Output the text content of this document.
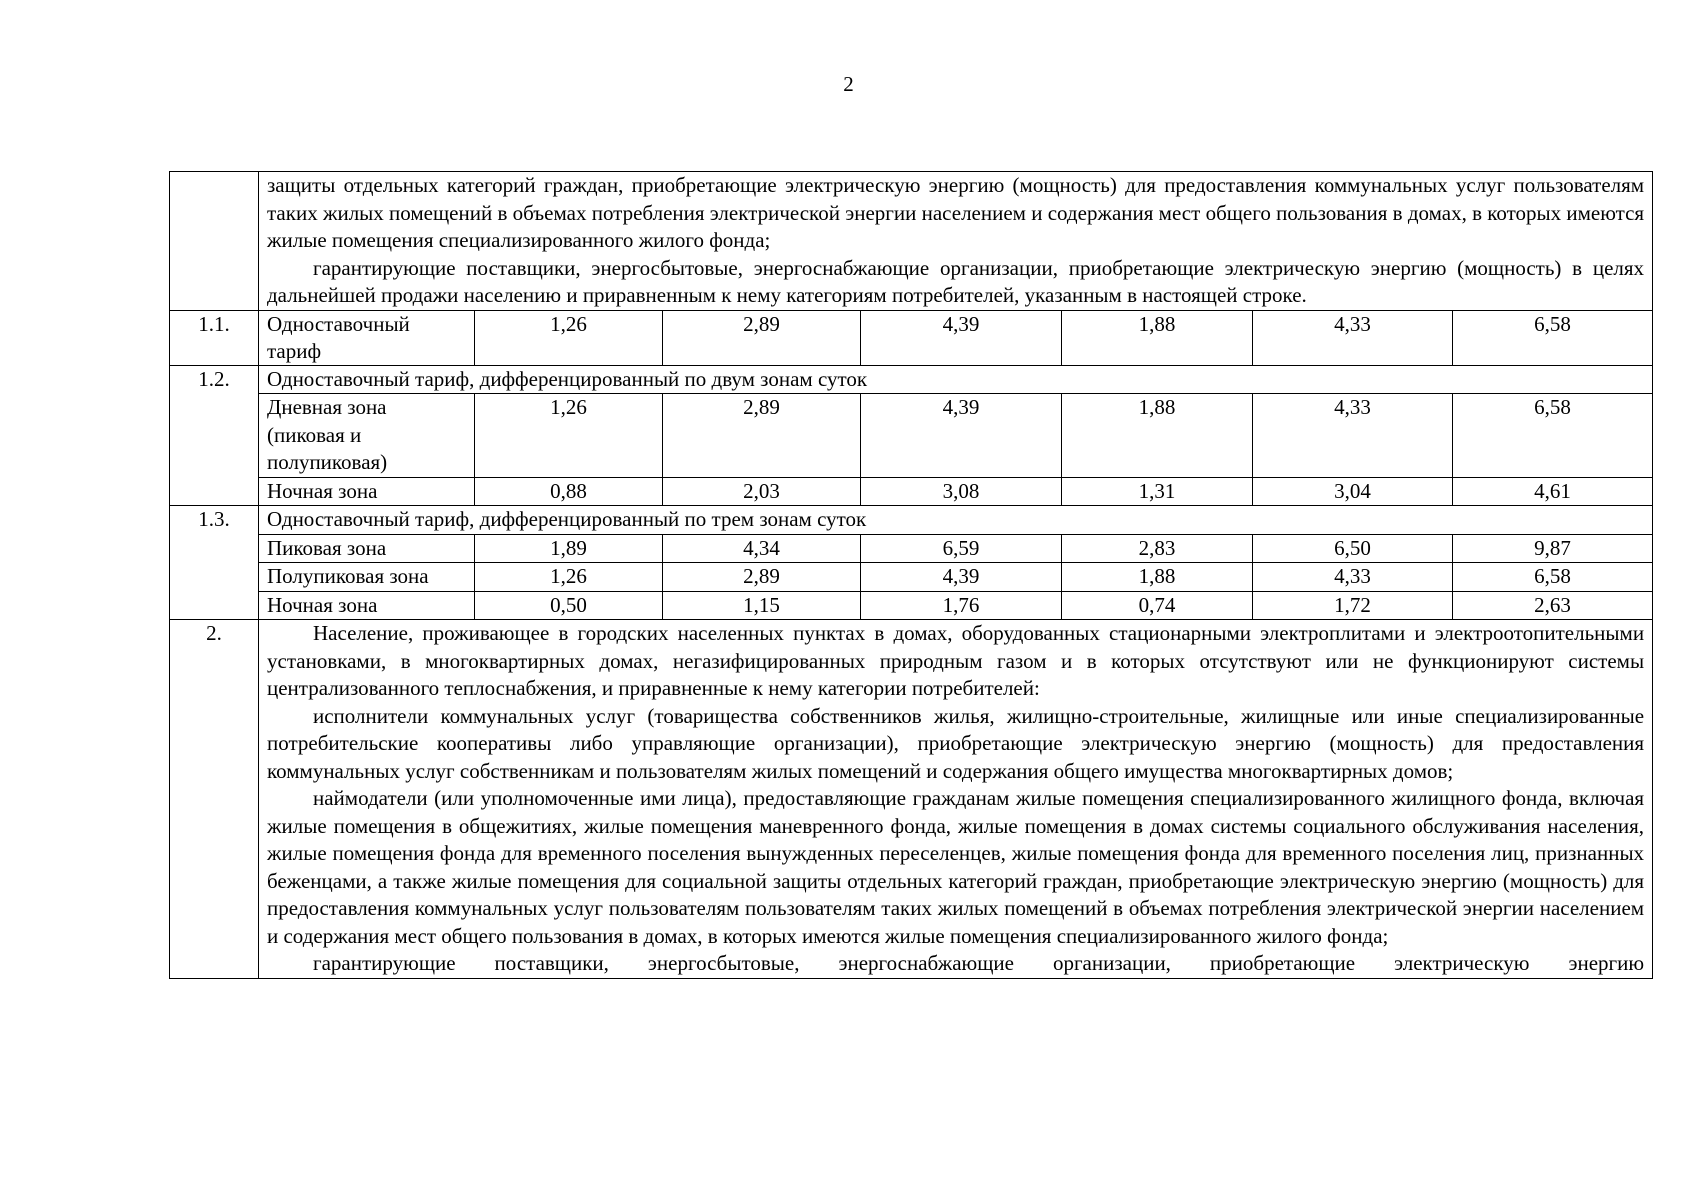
2

	защиты отдельных категорий граждан, приобретающие электрическую энергию (мощность) для предоставления коммунальных услуг пользователям таких жилых помещений в объемах потребления электрической энергии населением и содержания мест общего пользования в домах, в которых имеются жилые помещения специализированного жилого фонда;

гарантирующие поставщики, энергосбытовые, энергоснабжающие организации, приобретающие электрическую энергию (мощность) в целях дальнейшей продажи населению и приравненным к нему категориям потребителей, указанным в настоящей строке.						

1.1.	Одноставочный тариф	1,26	2,89	4,39	1,88	4,33	6,58
1.2.	Одноставочный тариф, дифференцированный по двум зонам суток						
	Дневная зона (пиковая и полупиковая)	1,26	2,89	4,39	1,88	4,33	6,58
	Ночная зона	0,88	2,03	3,08	1,31	3,04	4,61
1.3.	Одноставочный тариф, дифференцированный по трем зонам суток						
	Пиковая зона	1,89	4,34	6,59	2,83	6,50	9,87
	Полупиковая зона	1,26	2,89	4,39	1,88	4,33	6,58
	Ночная зона	0,50	1,15	1,76	0,74	1,72	2,63
2.	Население, проживающее в городских населенных пунктах в домах, оборудованных стационарными электроплитами и электроотопительными установками, в многоквартирных домах, негазифицированных природным газом и в которых отсутствуют или не функционируют системы централизованного теплоснабжения, и приравненные к нему категории потребителей:

исполнители коммунальных услуг (товарищества собственников жилья, жилищно-строительные, жилищные или иные специализированные потребительские кооперативы либо управляющие организации), приобретающие электрическую энергию (мощность) для предоставления коммунальных услуг собственникам и пользователям жилых помещений и содержания общего имущества многоквартирных домов;

наймодатели (или уполномоченные ими лица), предоставляющие гражданам жилые помещения специализированного жилищного фонда, включая жилые помещения в общежитиях, жилые помещения маневренного фонда, жилые помещения в домах системы социального обслуживания населения, жилые помещения фонда для временного поселения вынужденных переселенцев, жилые помещения фонда для временного поселения лиц, признанных беженцами, а также жилые помещения для социальной защиты отдельных категорий граждан, приобретающие электрическую энергию (мощность) для предоставления коммунальных услуг пользователям пользователям таких жилых помещений в объемах потребления электрической энергии населением и содержания мест общего пользования в домах, в которых имеются жилые помещения специализированного жилого фонда;

гарантирующие поставщики, энергосбытовые, энергоснабжающие организации, приобретающие электрическую энергию						
